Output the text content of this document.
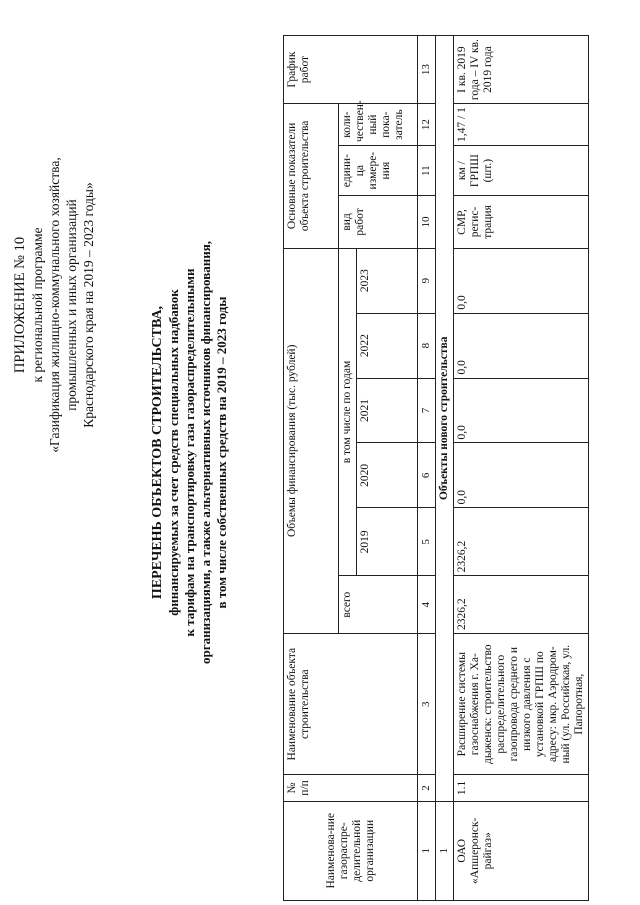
ПРИЛОЖЕНИЕ № 10 к региональной программе «Газификация жилищно-коммунального хозяйства, промышленных и иных организаций Краснодарского края на 2019 – 2023 годы»
ПЕРЕЧЕНЬ ОБЪЕКТОВ СТРОИТЕЛЬСТВА, финансируемых за счет средств специальных надбавок к тарифам на транспортировку газа газораспределительными организациями, а также альтернативных источников финансирования, в том числе собственных средств на 2019 – 2023 годы
Наименова-ние газораспре-делительной организации	№ п/п	Наименование объекта строительства	Объемы финансирования (тыс. рублей)						Основные показатели объекта строительства			График работ
			всего	в том числе по годам					вид работ	едини-ца измере-ния	коли-чествен-ный пока-затель	
				2019	2020	2021	2022	2023				
1	2	3	4	5	6	7	8	9	10	11	12	13
1	Объекты нового строительства											
ОАО «Апшеронск-райгаз»	1.1	Расширение системы газоснабжения г. Ха-дыженск: строительство распределительного газопровода среднего и низкого давления с установкой ГРПШ по адресу: мкр. Аэродром-ный (ул. Российская, ул. Папоротная,	2326,2	2326,2	0,0	0,0	0,0	0,0	СМР, регис-трация	км / ГРПШ (шт.)	1,47 / 1	I кв. 2019 года – IV кв. 2019 года
